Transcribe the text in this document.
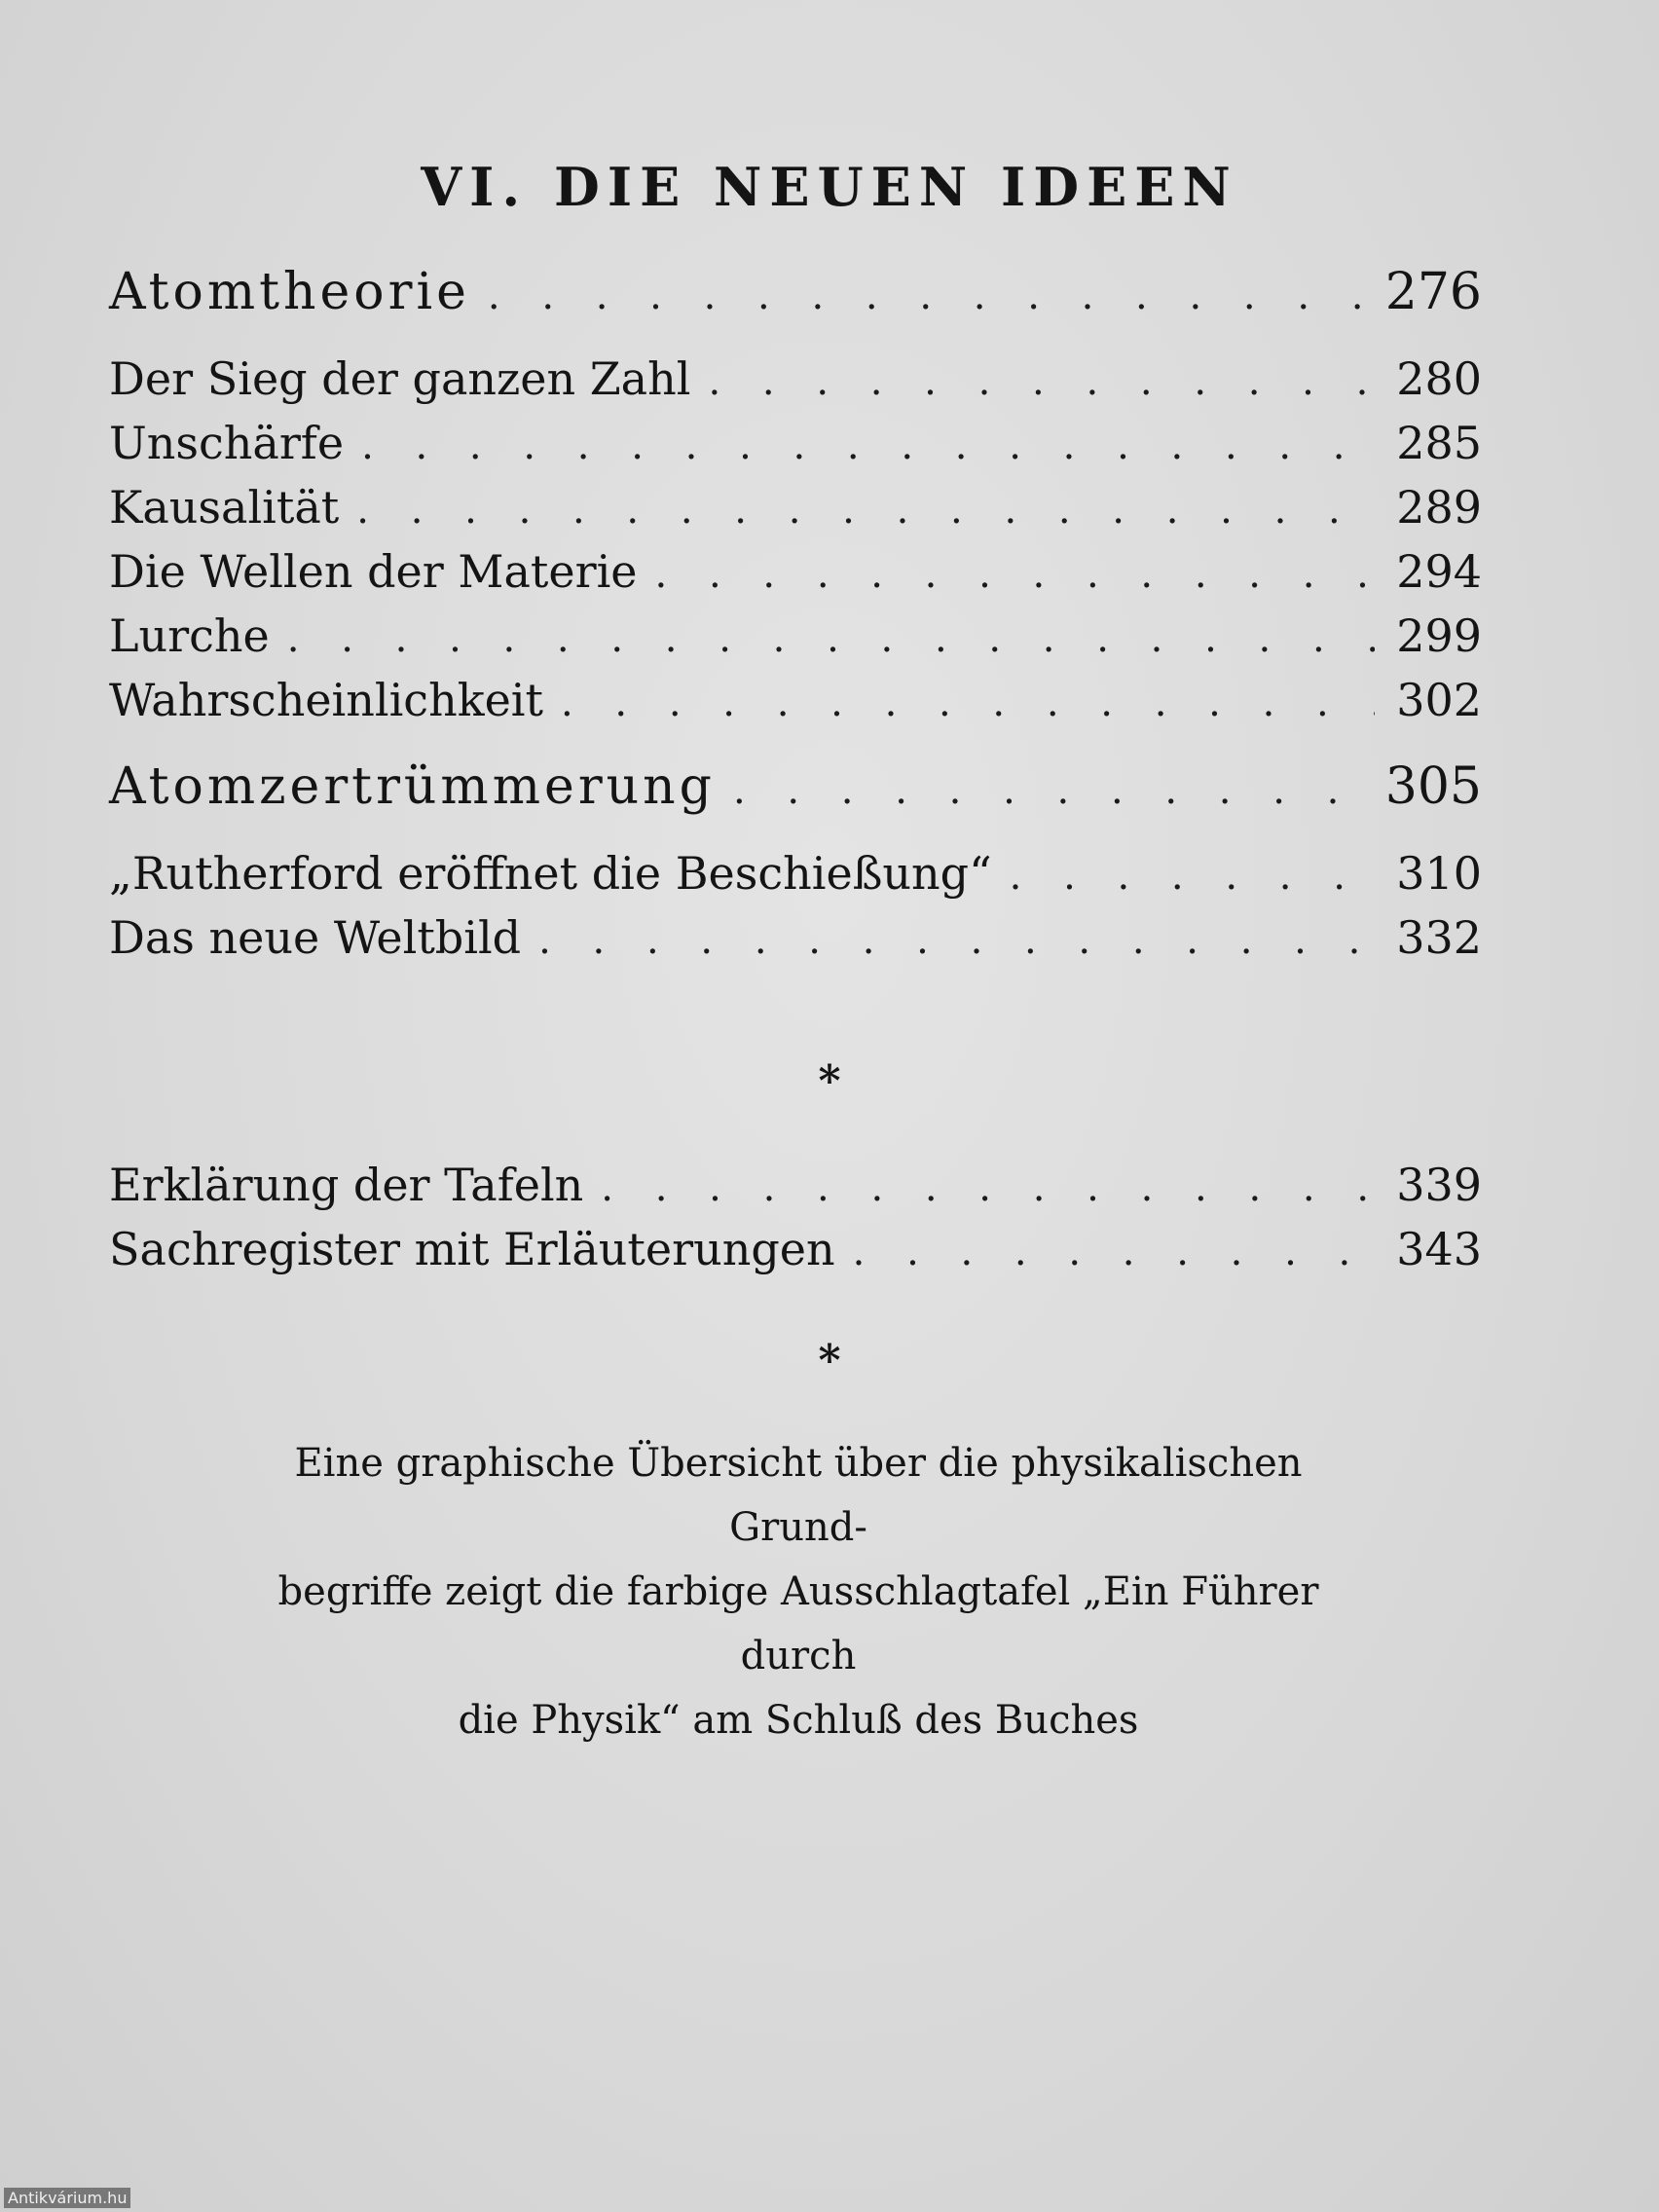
VI. DIE NEUEN IDEEN
Atomtheorie . . .	276
Der Sieg der ganzen Zahl . . .	280
Unschärfe . . .	285
Kausalität . . .	289
Die Wellen der Materie . . .	294
Lurche . . .	299
Wahrscheinlichkeit . . .	302
Atomzertrümmerung . . .	305
„Rutherford eröffnet die Beschießung“ . . .	310
Das neue Weltbild . . .	332
*
Erklärung der Tafeln . . .	339
Sachregister mit Erläuterungen . . .	343
*
Eine graphische Übersicht über die physikalischen Grund-
begriffe zeigt die farbige Ausschlagtafel „Ein Führer durch
die Physik“ am Schluß des Buches
Antikvárium.hu
